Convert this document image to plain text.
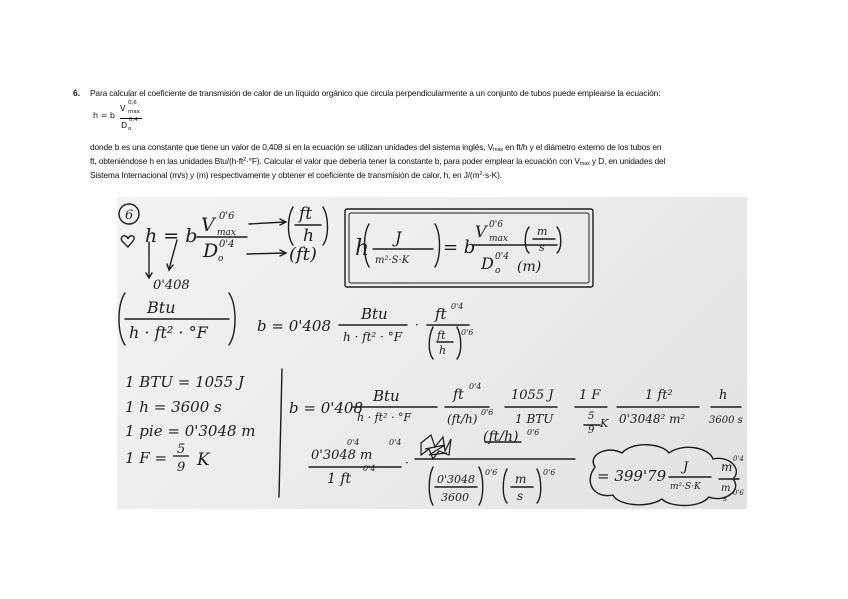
6. Para calcular el coeficiente de transmisión de calor de un líquido orgánico que circula perpendicularmente a un conjunto de tubos puede emplearse la ecuación:
h = b
V
0,6
max
D
0,4
o
donde b es una constante que tiene un valor de 0,408 si en la ecuación se utilizan unidades del sistema inglés, Vmax en ft/h y el diámetro externo de los tubos en
ft, obteniéndose h en las unidades Btu/$(h\cdot ft^2\cdot^\circ F)$. Calcular el valor que debería tener la constante b, para poder emplear la ecuación con Vmax y D, en unidades del
Sistema Internacional (m/s) y (m) respectivamente y obtener el coeficiente de transmisión de calor, h, en $J/(m^2\cdot s\cdot K)$.
6
h = b V 0'6
max
D 0'4
o
ft
h
(ft)
0'408
h J
m²·S·K
= b
V 0'6
max
m
s
D 0'4
o (m)
Btu
h · ft² · °F	b = 0'408
Btu
h · ft² · °F
·
ft 0'4
ft
h
0'6
1 BTU = 1055 J
1 h = 3600 s
1 pie = 0'3048 m
1 F = 5
9 K
b = 0'408
Btu
h · ft² · °F
ft
0'4
(ft/h) 0'6
1055 J
1 BTU
1 F
5
9
K
1 ft²
0'3048² m²
h
3600 s
0'3048 m
0'4	0'4
1 ft
0'4 ·
(ft/h) 0'6
0'3048
3600
0'6 m
s
0'6	= 399'79 J
m²·S·K
m
0'4
m
s
0'6
